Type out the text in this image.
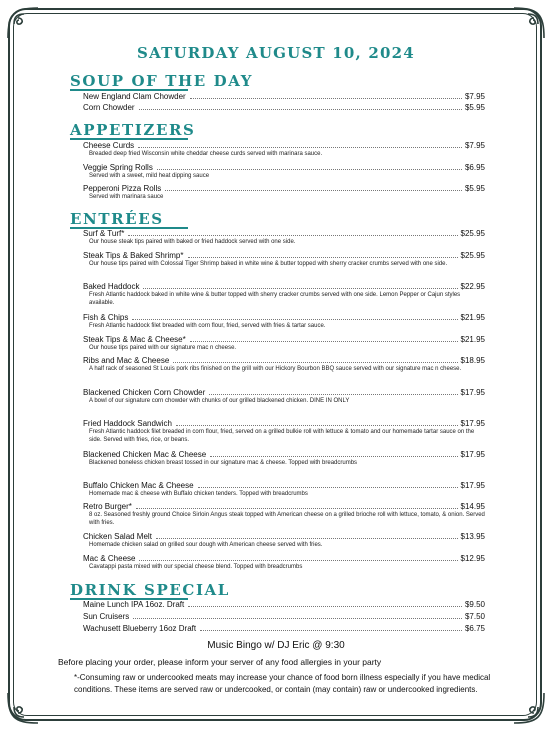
SATURDAY AUGUST 10, 2024
SOUP OF THE DAY
New England Clam Chowder	$7.95
Corn Chowder	$5.95
APPETIZERS
Cheese Curds	$7.95
Breaded deep fried Wisconsin white cheddar cheese curds served with marinara sauce.
Veggie Spring Rolls	$6.95
Served with a sweet, mild heat dipping sauce
Pepperoni Pizza Rolls	$5.95
Served with marinara sauce
ENTRÉES
Surf & Turf*	$25.95
Our house steak tips paired with baked or fried haddock served with one side.
Steak Tips & Baked Shrimp*	$25.95
Our house tips paired with Colossal Tiger Shrimp baked in white wine & butter topped with sherry cracker crumbs served with one side.
Baked Haddock	$22.95
Fresh Atlantic haddock baked in white wine & butter topped with sherry cracker crumbs served with one side. Lemon Pepper or Cajun styles available.
Fish & Chips	$21.95
Fresh Atlantic haddock filet breaded with corn flour, fried, served with fries & tartar sauce.
Steak Tips & Mac & Cheese*	$21.95
Our house tips paired with our signature mac n cheese.
Ribs and Mac & Cheese	$18.95
A half rack of seasoned St Louis pork ribs finished on the grill with our Hickory Bourbon BBQ sauce served with our signature mac n cheese.
Blackened Chicken Corn Chowder	$17.95
A bowl of our signature corn chowder with chunks of our grilled blackened chicken. DINE IN ONLY
Fried Haddock Sandwich	$17.95
Fresh Atlantic haddock filet breaded in corn flour, fried, served on a grilled bulkie roll with lettuce & tomato and our homemade tartar sauce on the side. Served with fries, rice, or beans.
Blackened Chicken Mac & Cheese	$17.95
Blackened boneless chicken breast tossed in our signature mac & cheese. Topped with breadcrumbs
Buffalo Chicken Mac & Cheese	$17.95
Homemade mac & cheese with Buffalo chicken tenders. Topped with breadcrumbs
Retro Burger*	$14.95
8 oz. Seasoned freshly ground Choice Sirloin Angus steak topped with American cheese on a grilled brioche roll with lettuce, tomato, & onion. Served with fries.
Chicken Salad Melt	$13.95
Homemade chicken salad on grilled sour dough with American cheese served with fries.
Mac & Cheese	$12.95
Cavatappi pasta mixed with our special cheese blend. Topped with breadcrumbs
DRINK SPECIAL
Maine Lunch IPA 16oz. Draft	$9.50
Sun Cruisers	$7.50
Wachusett Blueberry 16oz Draft	$6.75
Music Bingo w/ DJ Eric @ 9:30
Before placing your order, please inform your server of any food allergies in your party
*-Consuming raw or undercooked meats may increase your chance of food born illness especially if you have medical conditions. These items are served raw or undercooked, or contain (may contain) raw or undercooked ingredients.
